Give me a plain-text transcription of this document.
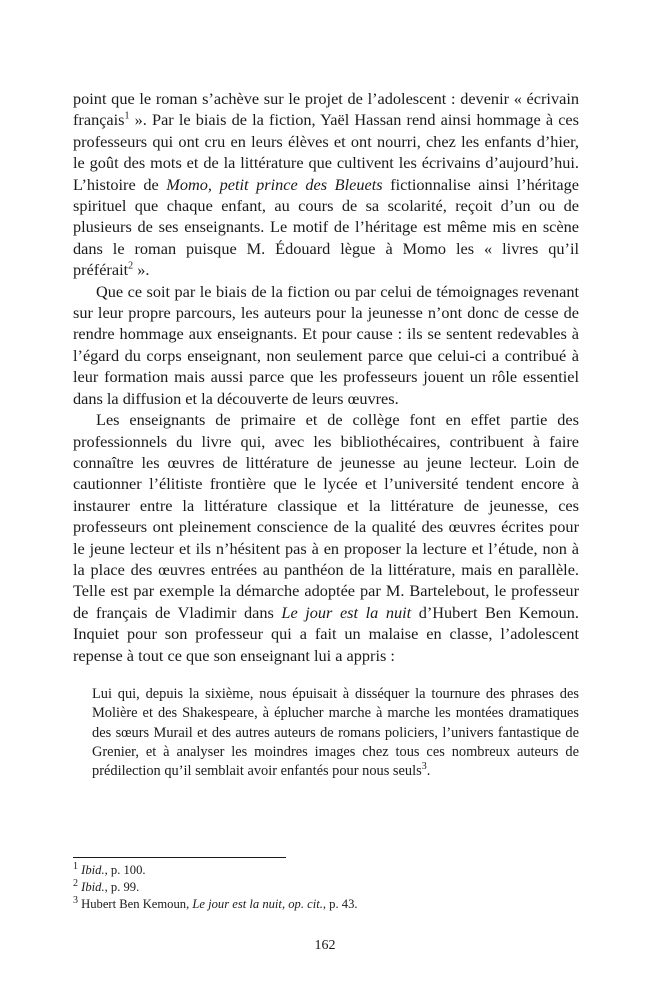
point que le roman s’achève sur le projet de l’adolescent : devenir « écrivain français$^1$ ». Par le biais de la fiction, Yaël Hassan rend ainsi hommage à ces professeurs qui ont cru en leurs élèves et ont nourri, chez les enfants d’hier, le goût des mots et de la littérature que cultivent les écrivains d’aujourd’hui. L’histoire de Momo, petit prince des Bleuets fictionnalise ainsi l’héritage spirituel que chaque enfant, au cours de sa scolarité, reçoit d’un ou de plusieurs de ses enseignants. Le motif de l’héritage est même mis en scène dans le roman puisque M. Édouard lègue à Momo les « livres qu’il préférait$^2$ ».
Que ce soit par le biais de la fiction ou par celui de témoignages revenant sur leur propre parcours, les auteurs pour la jeunesse n’ont donc de cesse de rendre hommage aux enseignants. Et pour cause : ils se sentent redevables à l’égard du corps enseignant, non seulement parce que celui-ci a contribué à leur formation mais aussi parce que les professeurs jouent un rôle essentiel dans la diffusion et la découverte de leurs œuvres.
Les enseignants de primaire et de collège font en effet partie des professionnels du livre qui, avec les bibliothécaires, contribuent à faire connaître les œuvres de littérature de jeunesse au jeune lecteur. Loin de cautionner l’élitiste frontière que le lycée et l’université tendent encore à instaurer entre la littérature classique et la littérature de jeunesse, ces professeurs ont pleinement conscience de la qualité des œuvres écrites pour le jeune lecteur et ils n’hésitent pas à en proposer la lecture et l’étude, non à la place des œuvres entrées au panthéon de la littérature, mais en parallèle. Telle est par exemple la démarche adoptée par M. Bartelebout, le professeur de français de Vladimir dans Le jour est la nuit d’Hubert Ben Kemoun. Inquiet pour son professeur qui a fait un malaise en classe, l’adolescent repense à tout ce que son enseignant lui a appris :
Lui qui, depuis la sixième, nous épuisait à disséquer la tournure des phrases des Molière et des Shakespeare, à éplucher marche à marche les montées dramatiques des sœurs Murail et des autres auteurs de romans policiers, l’univers fantastique de Grenier, et à analyser les moindres images chez tous ces nombreux auteurs de prédilection qu’il semblait avoir enfantés pour nous seuls$^3$.
$^1$ Ibid., p. 100.
$^2$ Ibid., p. 99.
$^3$ Hubert Ben Kemoun, Le jour est la nuit, op. cit., p. 43.
162
